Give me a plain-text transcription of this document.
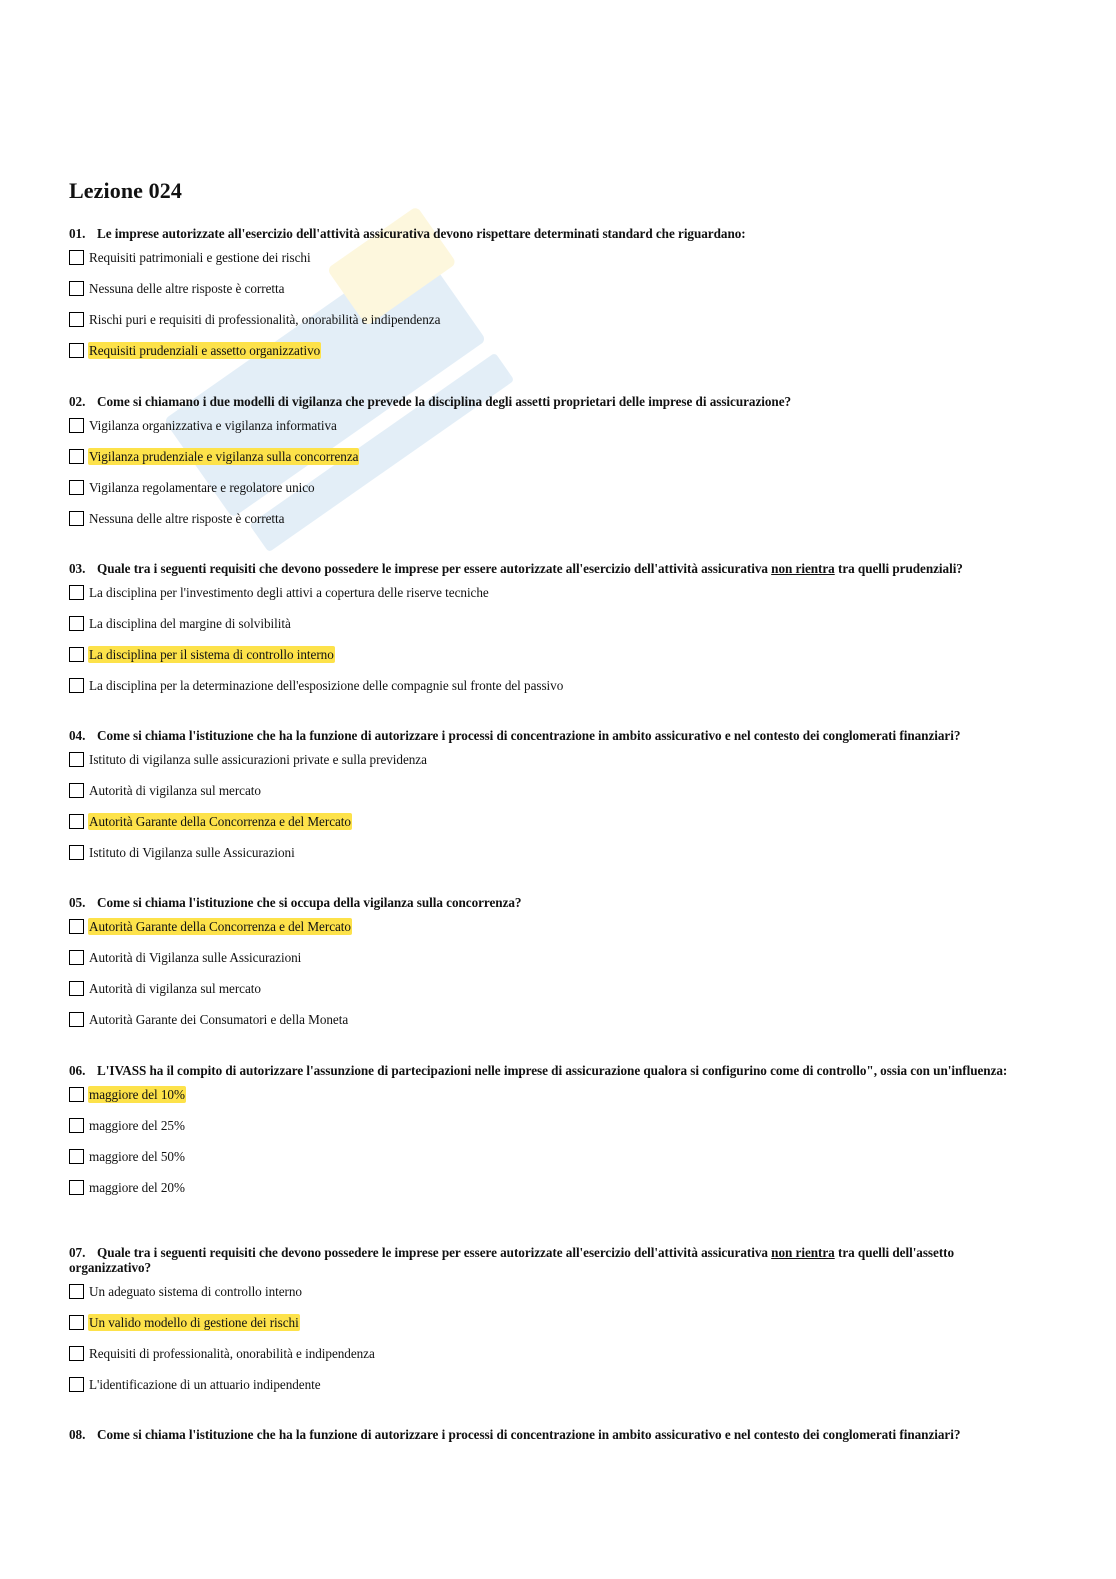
Lezione 024

01. Le imprese autorizzate all'esercizio dell'attività assicurativa devono rispettare determinati standard che riguardano:

Requisiti patrimoniali e gestione dei rischi
Nessuna delle altre risposte è corretta
Rischi puri e requisiti di professionalità, onorabilità e indipendenza
Requisiti prudenziali e assetto organizzativo

02. Come si chiamano i due modelli di vigilanza che prevede la disciplina degli assetti proprietari delle imprese di assicurazione?

Vigilanza organizzativa e vigilanza informativa
Vigilanza prudenziale e vigilanza sulla concorrenza
Vigilanza regolamentare e regolatore unico
Nessuna delle altre risposte è corretta

03. Quale tra i seguenti requisiti che devono possedere le imprese per essere autorizzate all'esercizio dell'attività assicurativa non rientra tra quelli prudenziali?

La disciplina per l'investimento degli attivi a copertura delle riserve tecniche
La disciplina del margine di solvibilità
La disciplina per il sistema di controllo interno
La disciplina per la determinazione dell'esposizione delle compagnie sul fronte del passivo

04. Come si chiama l'istituzione che ha la funzione di autorizzare i processi di concentrazione in ambito assicurativo e nel contesto dei conglomerati finanziari?

Istituto di vigilanza sulle assicurazioni private e sulla previdenza
Autorità di vigilanza sul mercato
Autorità Garante della Concorrenza e del Mercato
Istituto di Vigilanza sulle Assicurazioni

05. Come si chiama l'istituzione che si occupa della vigilanza sulla concorrenza?

Autorità Garante della Concorrenza e del Mercato
Autorità di Vigilanza sulle Assicurazioni
Autorità di vigilanza sul mercato
Autorità Garante dei Consumatori e della Moneta

06. L'IVASS ha il compito di autorizzare l'assunzione di partecipazioni nelle imprese di assicurazione qualora si configurino come di controllo", ossia con un'influenza:

maggiore del 10%
maggiore del 25%
maggiore del 50%
maggiore del 20%

07. Quale tra i seguenti requisiti che devono possedere le imprese per essere autorizzate all'esercizio dell'attività assicurativa non rientra tra quelli dell'assetto organizzativo?

Un adeguato sistema di controllo interno
Un valido modello di gestione dei rischi
Requisiti di professionalità, onorabilità e indipendenza
L'identificazione di un attuario indipendente

08. Come si chiama l'istituzione che ha la funzione di autorizzare i processi di concentrazione in ambito assicurativo e nel contesto dei conglomerati finanziari?
